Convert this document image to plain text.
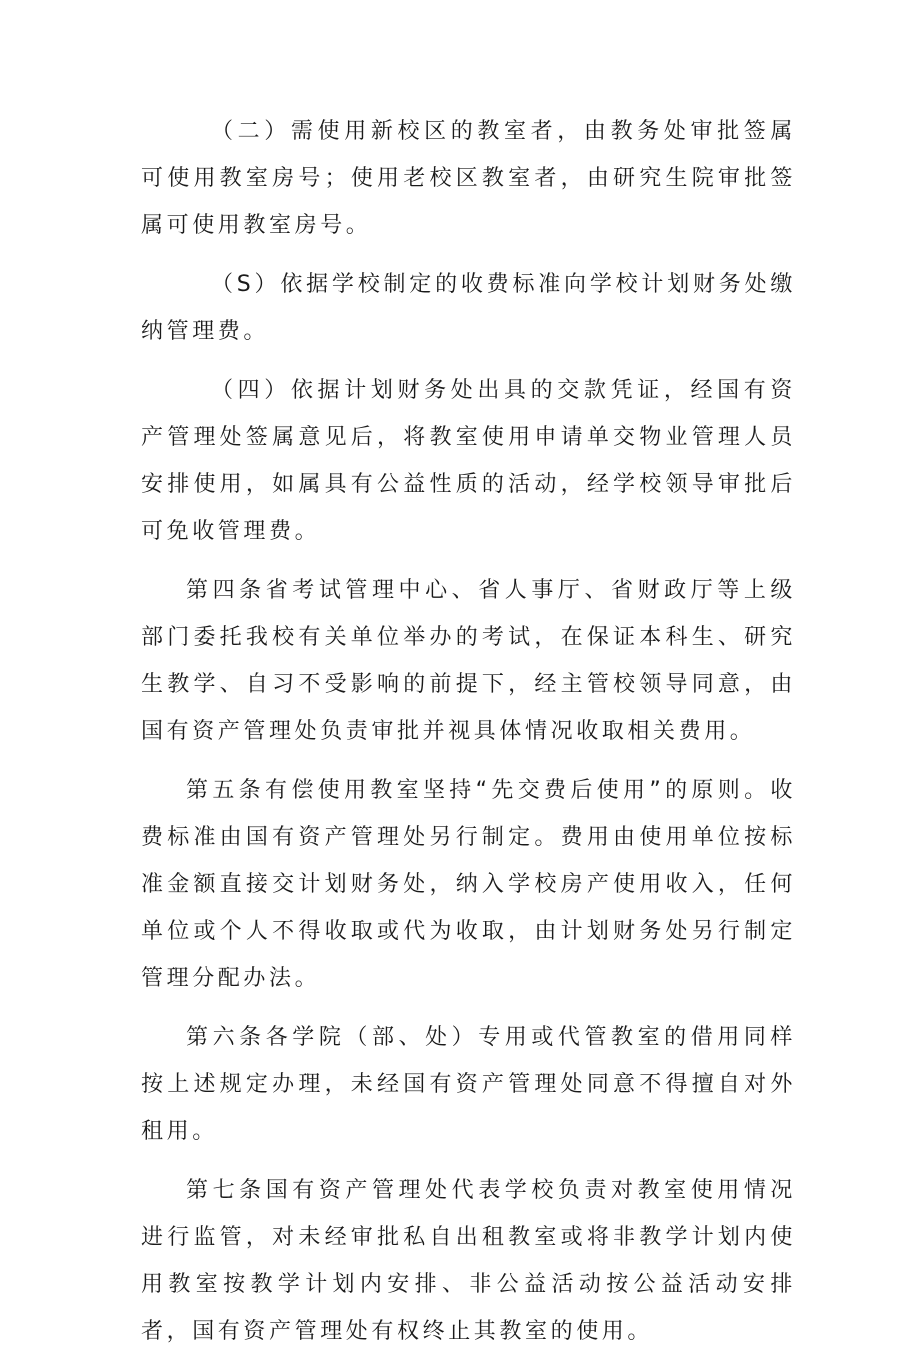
（二）需使用新校区的教室者，由教务处审批签属可使用教室房号；使用老校区教室者，由研究生院审批签属可使用教室房号。

（S）依据学校制定的收费标准向学校计划财务处缴纳管理费。

（四）依据计划财务处出具的交款凭证，经国有资产管理处签属意见后，将教室使用申请单交物业管理人员安排使用，如属具有公益性质的活动，经学校领导审批后可免收管理费。

第四条省考试管理中心、省人事厅、省财政厅等上级部门委托我校有关单位举办的考试，在保证本科生、研究生教学、自习不受影响的前提下，经主管校领导同意，由国有资产管理处负责审批并视具体情况收取相关费用。

第五条有偿使用教室坚持“先交费后使用”的原则。收费标准由国有资产管理处另行制定。费用由使用单位按标准金额直接交计划财务处，纳入学校房产使用收入，任何单位或个人不得收取或代为收取，由计划财务处另行制定管理分配办法。

第六条各学院（部、处）专用或代管教室的借用同样按上述规定办理，未经国有资产管理处同意不得擅自对外租用。

第七条国有资产管理处代表学校负责对教室使用情况进行监管，对未经审批私自出租教室或将非教学计划内使用教室按教学计划内安排、非公益活动按公益活动安排者，国有资产管理处有权终止其教室的使用。
